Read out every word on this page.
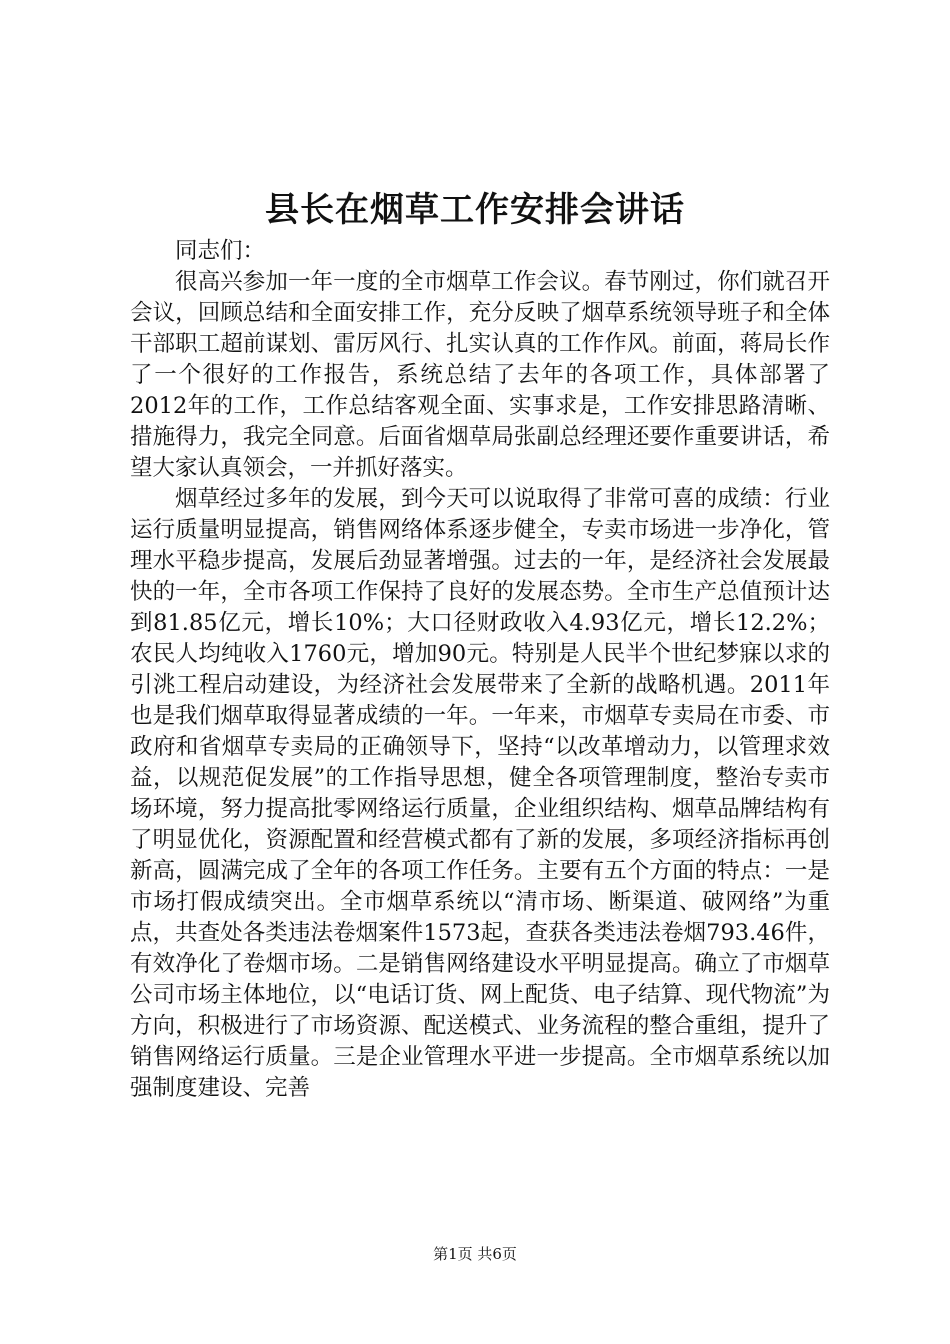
县长在烟草工作安排会讲话

同志们：

很高兴参加一年一度的全市烟草工作会议。春节刚过，你们就召开会议，回顾总结和全面安排工作，充分反映了烟草系统领导班子和全体干部职工超前谋划、雷厉风行、扎实认真的工作作风。前面，蒋局长作了一个很好的工作报告，系统总结了去年的各项工作，具体部署了2012年的工作，工作总结客观全面、实事求是，工作安排思路清晰、措施得力，我完全同意。后面省烟草局张副总经理还要作重要讲话，希望大家认真领会，一并抓好落实。

烟草经过多年的发展，到今天可以说取得了非常可喜的成绩：行业运行质量明显提高，销售网络体系逐步健全，专卖市场进一步净化，管理水平稳步提高，发展后劲显著增强。过去的一年，是经济社会发展最快的一年，全市各项工作保持了良好的发展态势。全市生产总值预计达到81.85亿元，增长10%；大口径财政收入4.93亿元，增长12.2%；农民人均纯收入1760元，增加90元。特别是人民半个世纪梦寐以求的引洮工程启动建设，为经济社会发展带来了全新的战略机遇。2011年也是我们烟草取得显著成绩的一年。一年来，市烟草专卖局在市委、市政府和省烟草专卖局的正确领导下，坚持“以改革增动力，以管理求效益，以规范促发展”的工作指导思想，健全各项管理制度，整治专卖市场环境，努力提高批零网络运行质量，企业组织结构、烟草品牌结构有了明显优化，资源配置和经营模式都有了新的发展，多项经济指标再创新高，圆满完成了全年的各项工作任务。主要有五个方面的特点：一是市场打假成绩突出。全市烟草系统以“清市场、断渠道、破网络”为重点，共查处各类违法卷烟案件1573起，查获各类违法卷烟793.46件，有效净化了卷烟市场。二是销售网络建设水平明显提高。确立了市烟草公司市场主体地位，以“电话订货、网上配货、电子结算、现代物流”为方向，积极进行了市场资源、配送模式、业务流程的整合重组，提升了销售网络运行质量。三是企业管理水平进一步提高。全市烟草系统以加强制度建设、完善

第1页 共6页
